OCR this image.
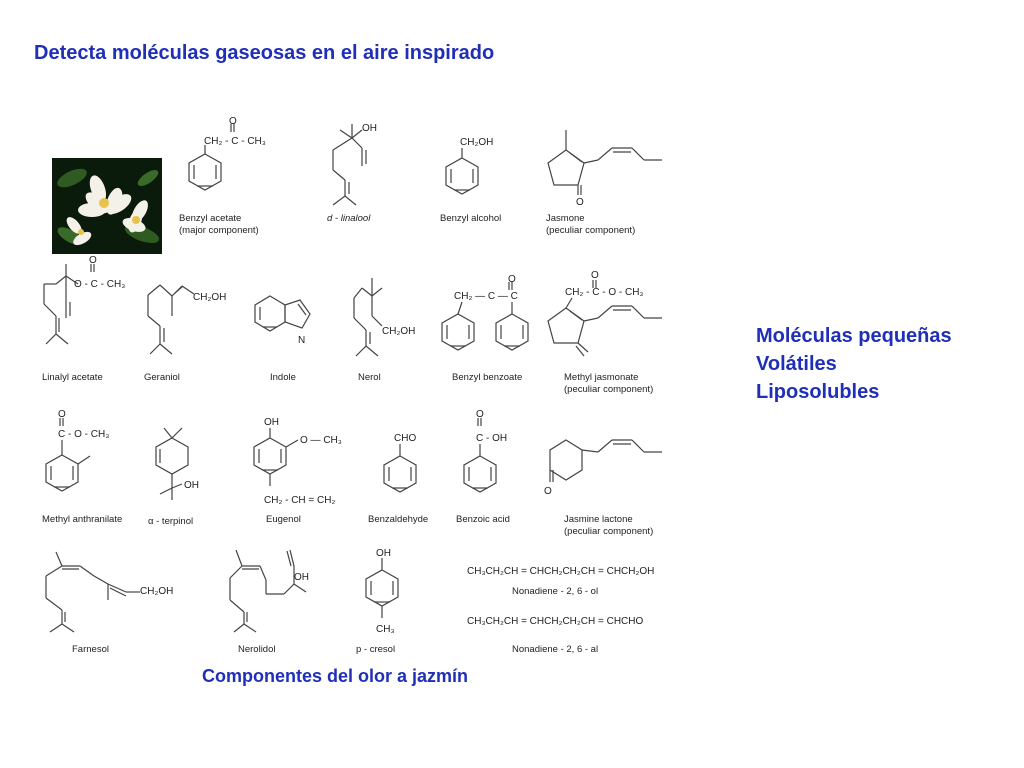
Detecta moléculas gaseosas en el aire inspirado
O
CH₂ - C - CH₃
Benzyl acetate
(major component)
OH
d - linalool
CH₂OH
Benzyl alcohol
O
Jasmone
(peculiar component)
O
O - C - CH₃
Linalyl acetate
CH₂OH
Geraniol
N
Indole
CH₂OH
Nerol
O
CH₂ — C — C
Benzyl benzoate
O
CH₂ - C - O - CH₃
Methyl jasmonate
(peculiar component)
O
C - O - CH₃
Methyl anthranilate
OH
α - terpinol
OH
O — CH₃
CH₂ - CH = CH₂
Eugenol
CHO
Benzaldehyde
O
C - OH
Benzoic acid
O
Jasmine lactone
(peculiar component)
CH₂OH
Farnesol
OH
Nerolidol
OH
CH₃
p - cresol
CH₃CH₂CH = CHCH₂CH₂CH = CHCH₂OH
Nonadiene - 2, 6 - ol
CH₃CH₂CH = CHCH₂CH₂CH = CHCHO
Nonadiene - 2, 6 - al
Moléculas pequeñas
Volátiles
Liposolubles
Componentes del olor a jazmín
